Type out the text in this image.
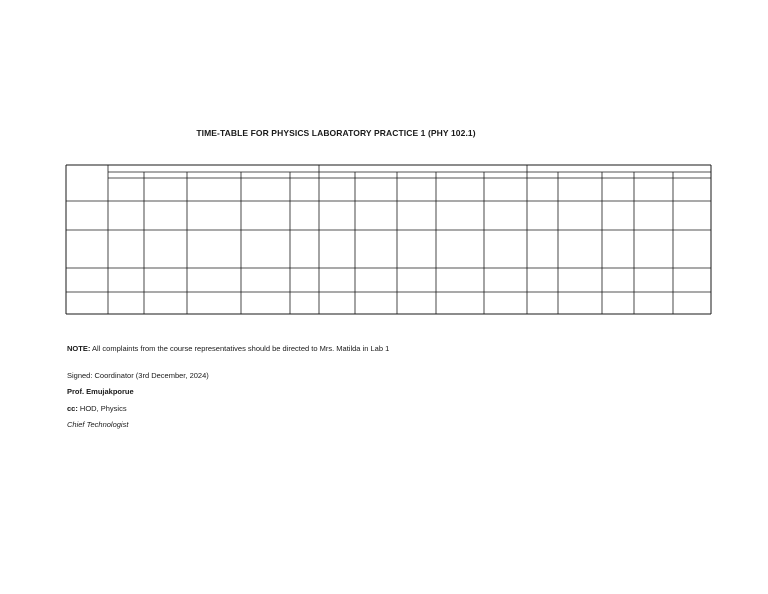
TIME-TABLE FOR PHYSICS LABORATORY PRACTICE 1 (PHY 102.1)
NOTE: All complaints from the course representatives should be directed to Mrs. Matilda in Lab 1
Signed: Coordinator (3rd December, 2024)
Prof. Emujakporue
cc: HOD, Physics
Chief Technologist
